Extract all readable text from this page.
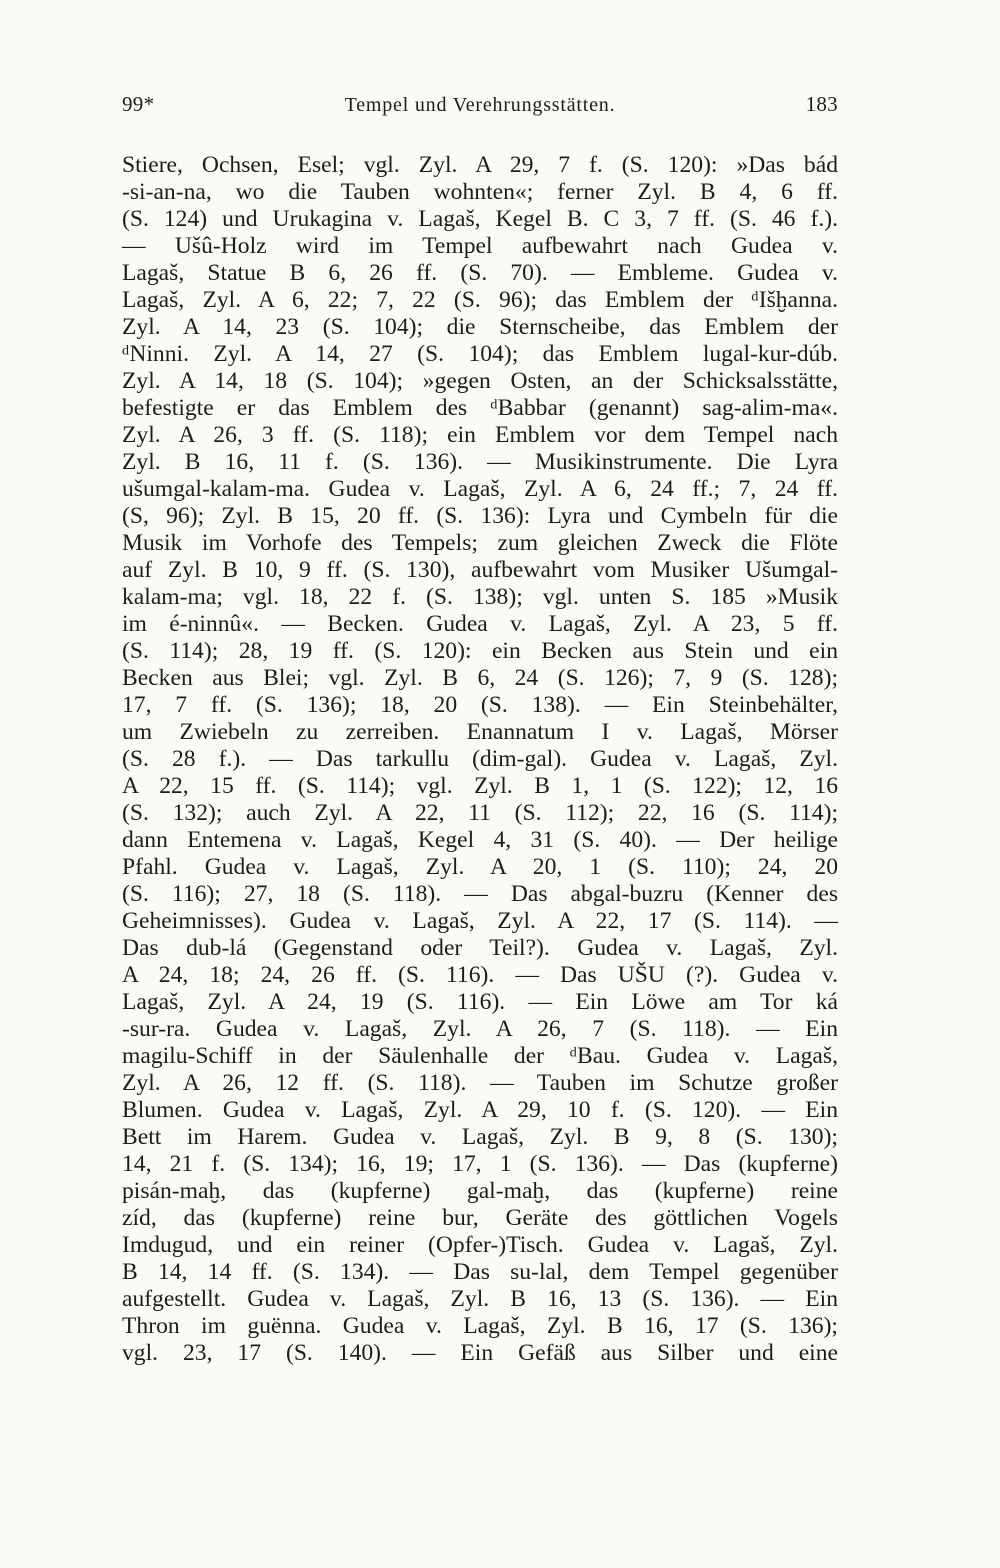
99*	Tempel und Verehrungsstätten.	183
Stiere, Ochsen, Esel; vgl. Zyl. A 29, 7 f. (S. 120): »Das bád
-si-an-na, wo die Tauben wohnten«; ferner Zyl. B 4, 6 ff.
(S. 124) und Urukagina v. Lagaš, Kegel B. C 3, 7 ff. (S. 46 f.).
— Ušû-Holz wird im Tempel aufbewahrt nach Gudea v.
Lagaš, Statue B 6, 26 ff. (S. 70). — Embleme. Gudea v.
Lagaš, Zyl. A 6, 22; 7, 22 (S. 96); das Emblem der ᵈIšḫanna.
Zyl. A 14, 23 (S. 104); die Sternscheibe, das Emblem der
ᵈNinni. Zyl. A 14, 27 (S. 104); das Emblem lugal-kur-dúb.
Zyl. A 14, 18 (S. 104); »gegen Osten, an der Schicksalsstätte,
befestigte er das Emblem des ᵈBabbar (genannt) sag-alim-ma«.
Zyl. A 26, 3 ff. (S. 118); ein Emblem vor dem Tempel nach
Zyl. B 16, 11 f. (S. 136). — Musikinstrumente. Die Lyra
ušumgal-kalam-ma. Gudea v. Lagaš, Zyl. A 6, 24 ff.; 7, 24 ff.
(S, 96); Zyl. B 15, 20 ff. (S. 136): Lyra und Cymbeln für die
Musik im Vorhofe des Tempels; zum gleichen Zweck die Flöte
auf Zyl. B 10, 9 ff. (S. 130), aufbewahrt vom Musiker Ušumgal-
kalam-ma; vgl. 18, 22 f. (S. 138); vgl. unten S. 185 »Musik
im é-ninnû«. — Becken. Gudea v. Lagaš, Zyl. A 23, 5 ff.
(S. 114); 28, 19 ff. (S. 120): ein Becken aus Stein und ein
Becken aus Blei; vgl. Zyl. B 6, 24 (S. 126); 7, 9 (S. 128);
17, 7 ff. (S. 136); 18, 20 (S. 138). — Ein Steinbehälter,
um Zwiebeln zu zerreiben. Enannatum I v. Lagaš, Mörser
(S. 28 f.). — Das tarkullu (dim-gal). Gudea v. Lagaš, Zyl.
A 22, 15 ff. (S. 114); vgl. Zyl. B 1, 1 (S. 122); 12, 16
(S. 132); auch Zyl. A 22, 11 (S. 112); 22, 16 (S. 114);
dann Entemena v. Lagaš, Kegel 4, 31 (S. 40). — Der heilige
Pfahl. Gudea v. Lagaš, Zyl. A 20, 1 (S. 110); 24, 20
(S. 116); 27, 18 (S. 118). — Das abgal-buzru (Kenner des
Geheimnisses). Gudea v. Lagaš, Zyl. A 22, 17 (S. 114). —
Das dub-lá (Gegenstand oder Teil?). Gudea v. Lagaš, Zyl.
A 24, 18; 24, 26 ff. (S. 116). — Das UŠU (?). Gudea v.
Lagaš, Zyl. A 24, 19 (S. 116). — Ein Löwe am Tor ká
-sur-ra. Gudea v. Lagaš, Zyl. A 26, 7 (S. 118). — Ein
magilu-Schiff in der Säulenhalle der ᵈBau. Gudea v. Lagaš,
Zyl. A 26, 12 ff. (S. 118). — Tauben im Schutze großer
Blumen. Gudea v. Lagaš, Zyl. A 29, 10 f. (S. 120). — Ein
Bett im Harem. Gudea v. Lagaš, Zyl. B 9, 8 (S. 130);
14, 21 f. (S. 134); 16, 19; 17, 1 (S. 136). — Das (kupferne)
pisán-maḫ, das (kupferne) gal-maḫ, das (kupferne) reine
zíd, das (kupferne) reine bur, Geräte des göttlichen Vogels
Imdugud, und ein reiner (Opfer-)Tisch. Gudea v. Lagaš, Zyl.
B 14, 14 ff. (S. 134). — Das su-lal, dem Tempel gegenüber
aufgestellt. Gudea v. Lagaš, Zyl. B 16, 13 (S. 136). — Ein
Thron im guënna. Gudea v. Lagaš, Zyl. B 16, 17 (S. 136);
vgl. 23, 17 (S. 140). — Ein Gefäß aus Silber und eine
